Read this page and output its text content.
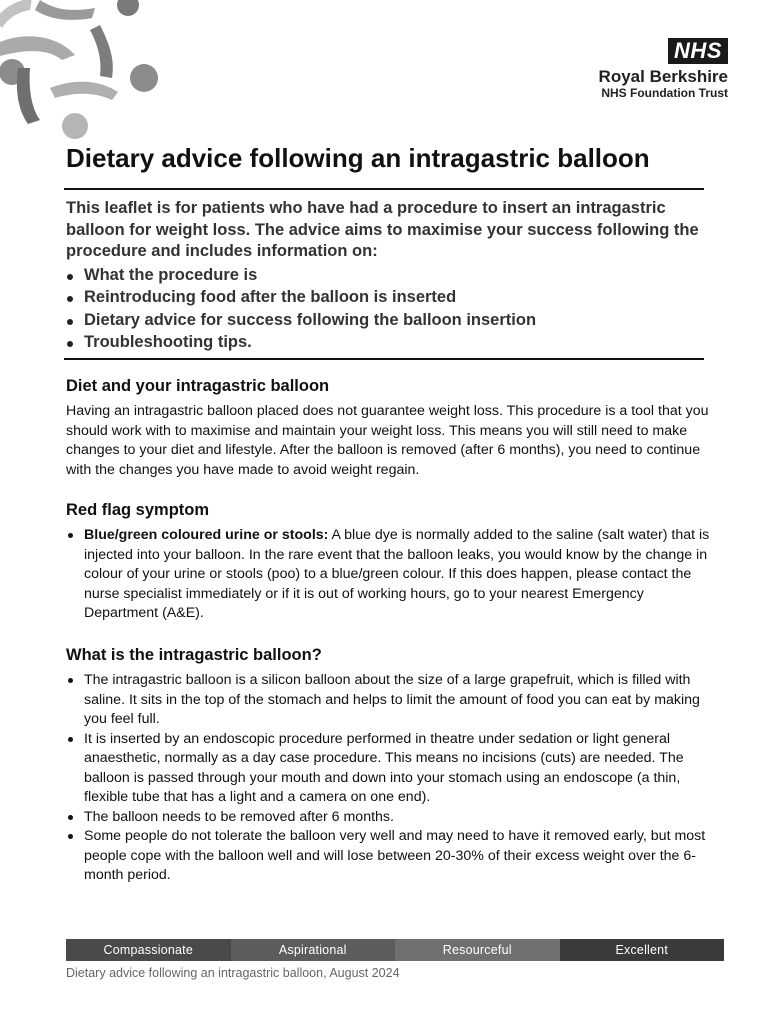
NHS
Royal Berkshire
NHS Foundation Trust
Dietary advice following an intragastric balloon

This leaflet is for patients who have had a procedure to insert an intragastric balloon for weight loss. The advice aims to maximise your success following the procedure and includes information on:

What the procedure is
Reintroducing food after the balloon is inserted
Dietary advice for success following the balloon insertion
Troubleshooting tips.
Diet and your intragastric balloon

Having an intragastric balloon placed does not guarantee weight loss. This procedure is a tool that you should work with to maximise and maintain your weight loss. This means you will still need to make changes to your diet and lifestyle. After the balloon is removed (after 6 months), you need to continue with the changes you have made to avoid weight regain.

Red flag symptom
Blue/green coloured urine or stools: A blue dye is normally added to the saline (salt water) that is injected into your balloon. In the rare event that the balloon leaks, you would know by the change in colour of your urine or stools (poo) to a blue/green colour. If this does happen, please contact the nurse specialist immediately or if it is out of working hours, go to your nearest Emergency Department (A&E).
What is the intragastric balloon?
The intragastric balloon is a silicon balloon about the size of a large grapefruit, which is filled with saline. It sits in the top of the stomach and helps to limit the amount of food you can eat by making you feel full.
It is inserted by an endoscopic procedure performed in theatre under sedation or light general anaesthetic, normally as a day case procedure. This means no incisions (cuts) are needed. The balloon is passed through your mouth and down into your stomach using an endoscope (a thin, flexible tube that has a light and a camera on one end).
The balloon needs to be removed after 6 months.
Some people do not tolerate the balloon very well and may need to have it removed early, but most people cope with the balloon well and will lose between 20-30% of their excess weight over the 6-month period.
Compassionate	Aspirational	Resourceful	Excellent
Dietary advice following an intragastric balloon, August 2024
